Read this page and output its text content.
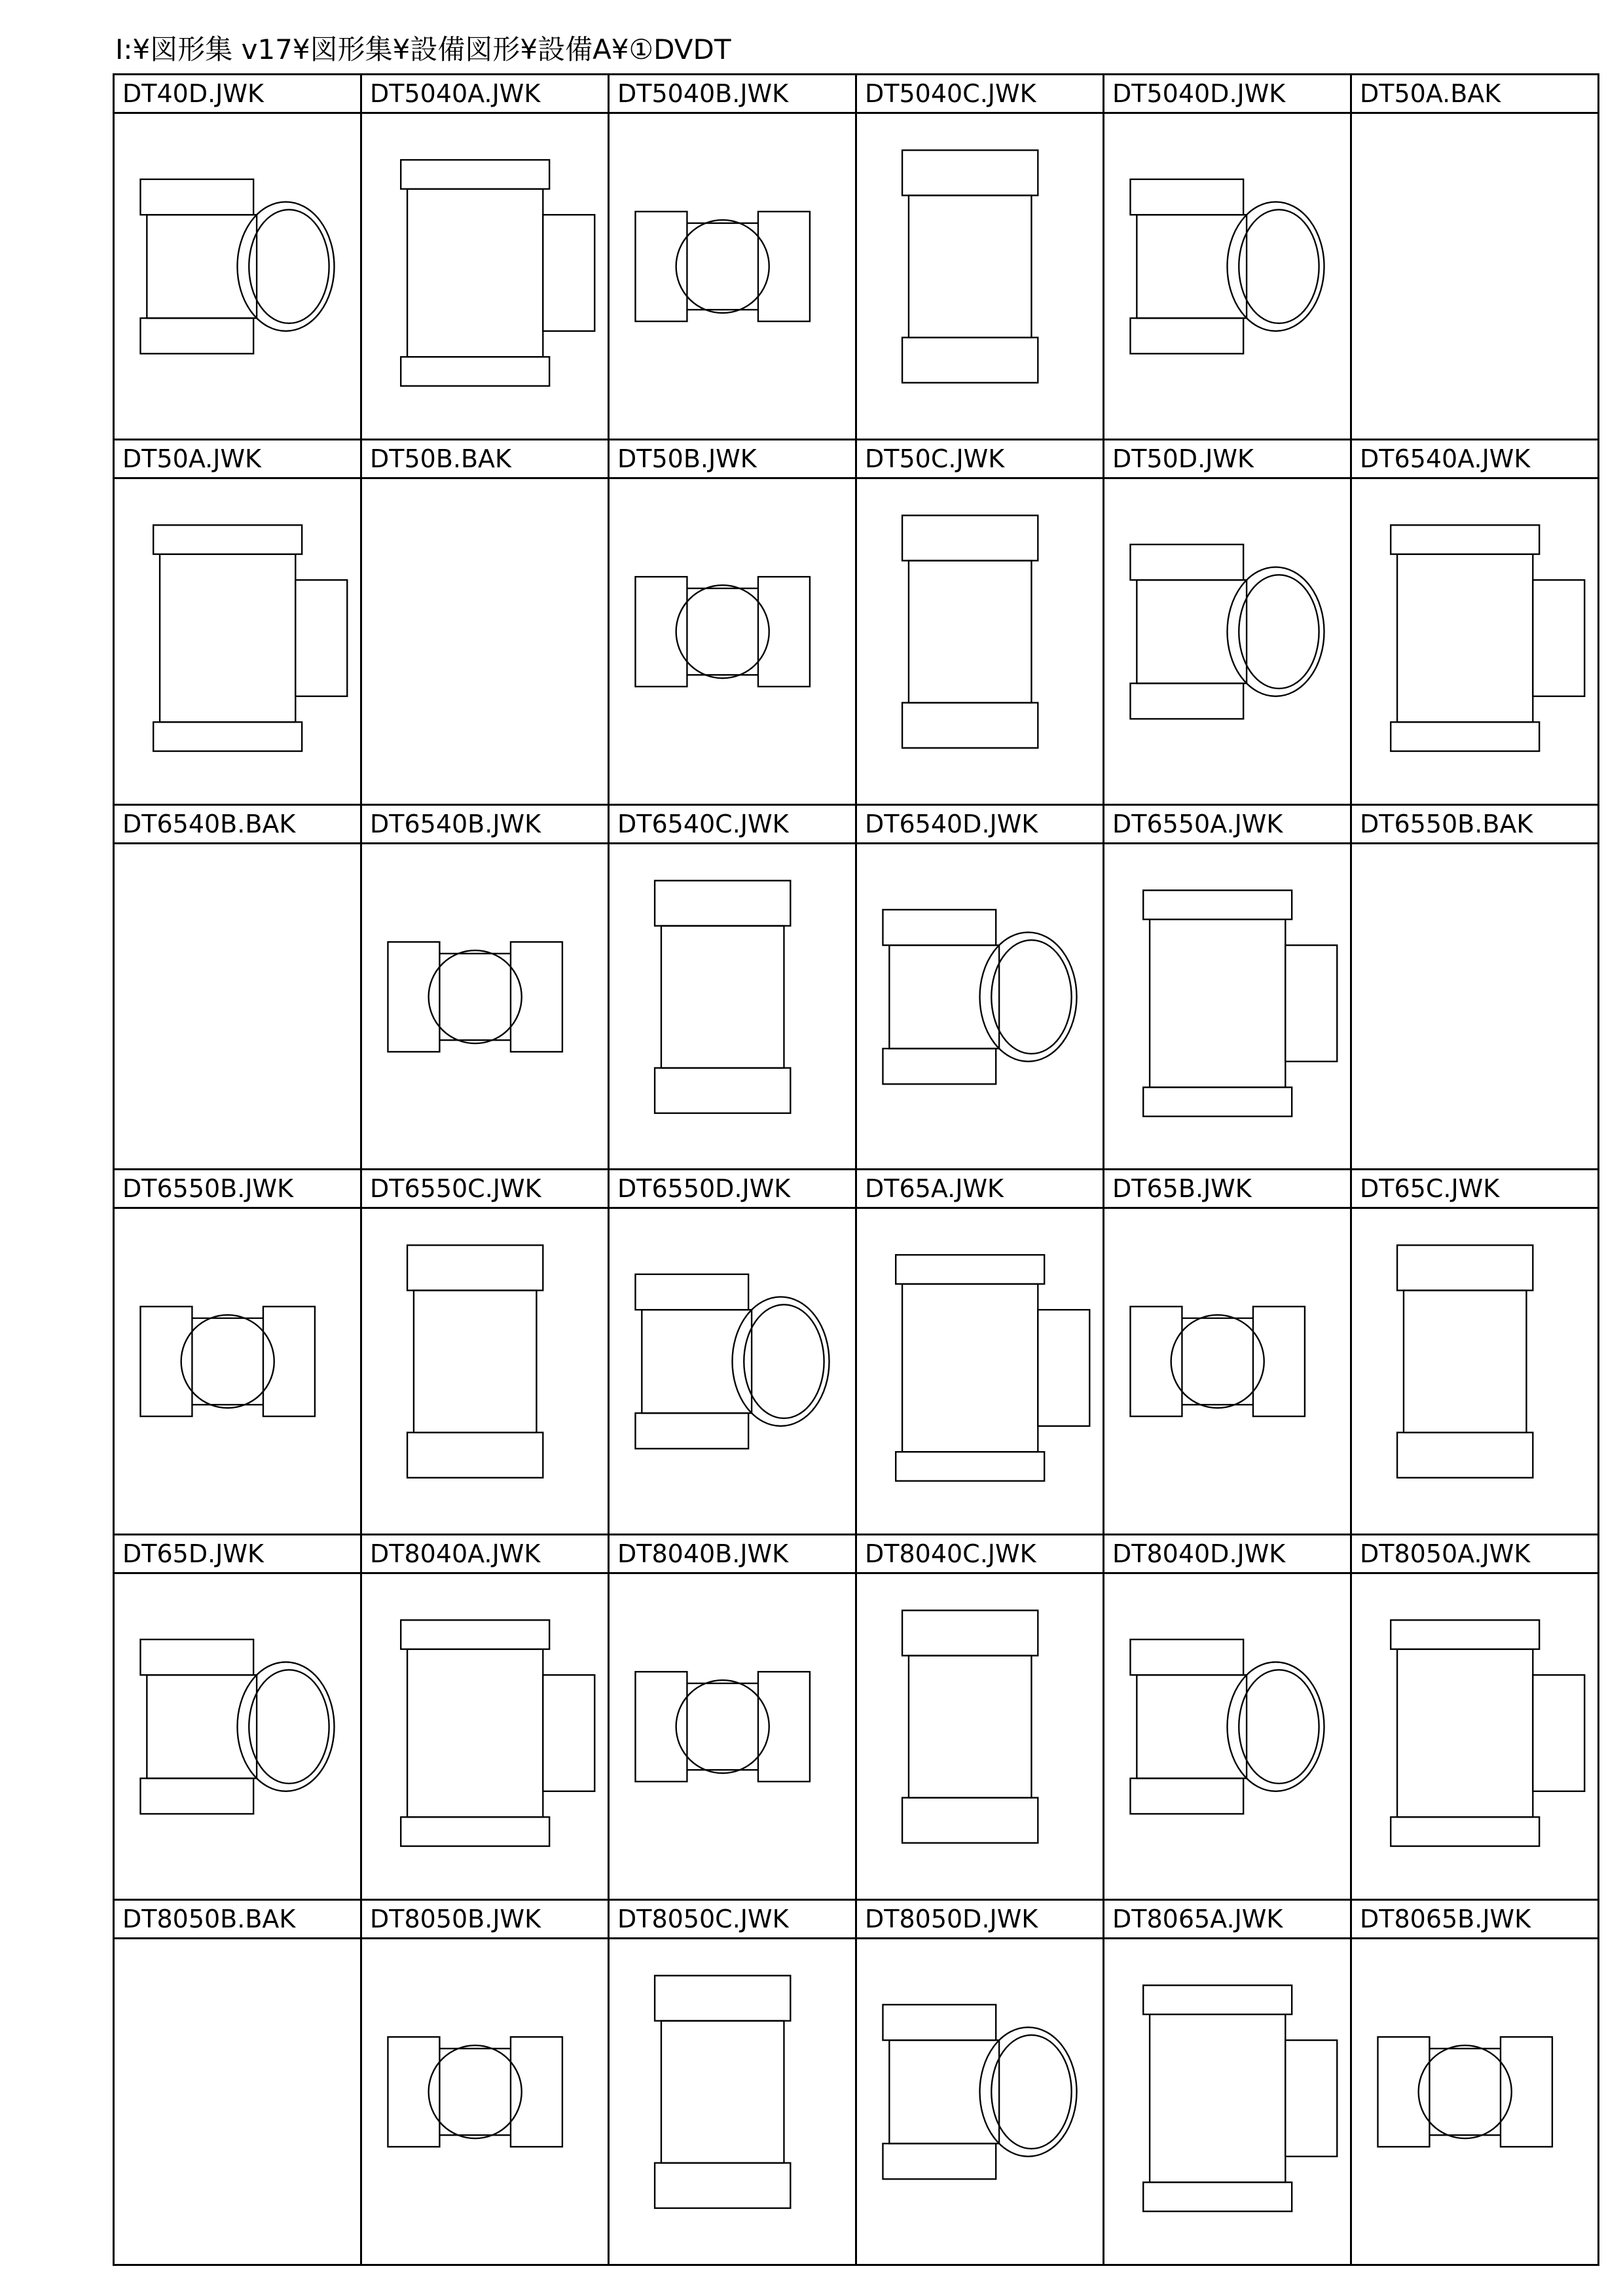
I:¥図形集 v17¥図形集¥設備図形¥設備A¥①DVDT
DT40D.JWK	DT5040A.JWK	DT5040B.JWK	DT5040C.JWK	DT5040D.JWK	DT50A.BAK
DT50A.JWK	DT50B.BAK	DT50B.JWK	DT50C.JWK	DT50D.JWK	DT6540A.JWK
DT6540B.BAK	DT6540B.JWK	DT6540C.JWK	DT6540D.JWK	DT6550A.JWK	DT6550B.BAK
DT6550B.JWK	DT6550C.JWK	DT6550D.JWK	DT65A.JWK	DT65B.JWK	DT65C.JWK
DT65D.JWK	DT8040A.JWK	DT8040B.JWK	DT8040C.JWK	DT8040D.JWK	DT8050A.JWK
DT8050B.BAK	DT8050B.JWK	DT8050C.JWK	DT8050D.JWK	DT8065A.JWK	DT8065B.JWK
